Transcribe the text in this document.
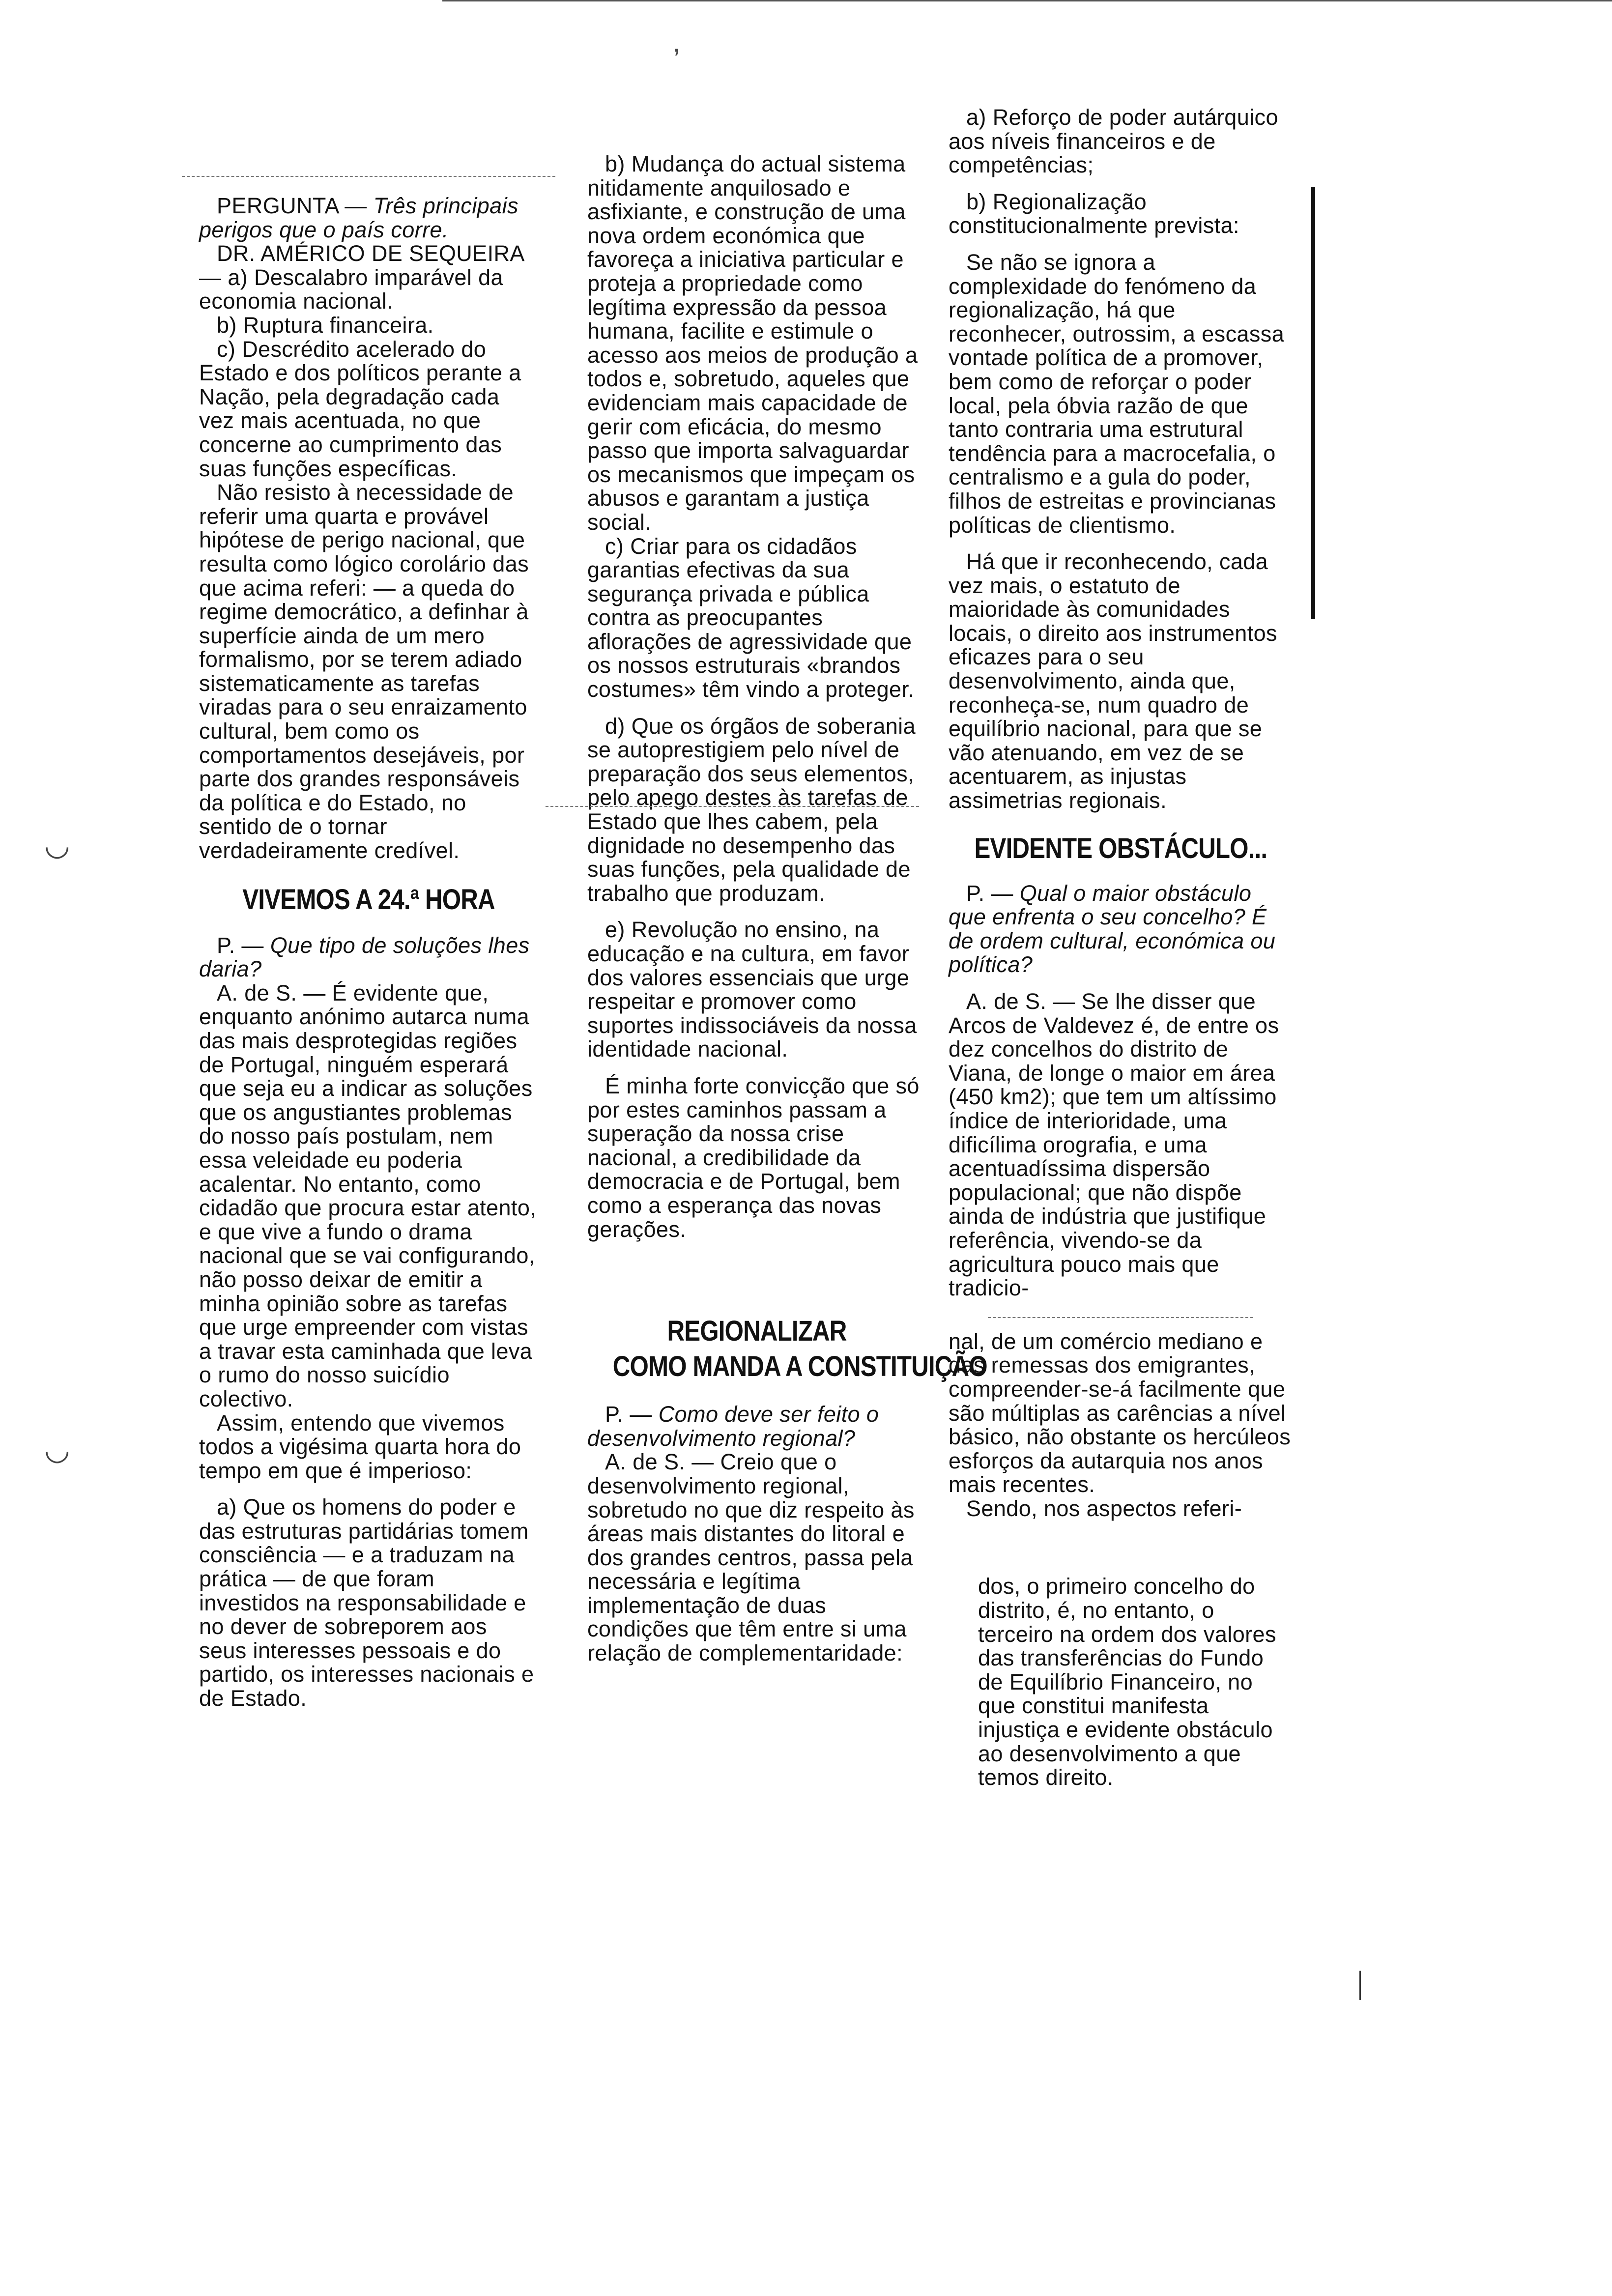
‚
◡
◡

PERGUNTA — Três principais perigos que o país corre.

DR. AMÉRICO DE SEQUEIRA — a) Descalabro imparável da economia nacional.

b) Ruptura financeira.

c) Descrédito acelerado do Estado e dos políticos perante a Nação, pela degradação cada vez mais acentuada, no que concerne ao cumprimento das suas funções específicas.

Não resisto à necessidade de referir uma quarta e provável hipótese de perigo nacional, que resulta como lógico corolário das que acima referi: — a queda do regime democrático, a definhar à superfície ainda de um mero formalismo, por se terem adiado sistematicamente as tarefas viradas para o seu enraizamento cultural, bem como os comportamentos desejáveis, por parte dos grandes responsáveis da política e do Estado, no sentido de o tornar verdadeiramente credível.

VIVEMOS A 24.ª HORA

P. — Que tipo de soluções lhes daria?

A. de S. — É evidente que, enquanto anónimo autarca numa das mais desprotegidas regiões de Portugal, ninguém esperará que seja eu a indicar as soluções que os angustiantes problemas do nosso país postulam, nem essa veleidade eu poderia acalentar. No entanto, como cidadão que procura estar atento, e que vive a fundo o drama nacional que se vai configurando, não posso deixar de emitir a minha opinião sobre as tarefas que urge empreender com vistas a travar esta caminhada que leva o rumo do nosso suicídio colectivo.

Assim, entendo que vivemos todos a vigésima quarta hora do tempo em que é imperioso:

a) Que os homens do poder e das estruturas partidárias tomem consciência — e a traduzam na prática — de que foram investidos na responsabilidade e no dever de sobreporem aos seus interesses pessoais e do partido, os interesses nacionais e de Estado.

b) Mudança do actual sistema nitidamente anquilosado e asfixiante, e construção de uma nova ordem económica que favoreça a iniciativa particular e proteja a propriedade como legítima expressão da pessoa humana, facilite e estimule o acesso aos meios de produção a todos e, sobretudo, aqueles que evidenciam mais capacidade de gerir com eficácia, do mesmo passo que importa salvaguardar os mecanismos que impeçam os abusos e garantam a justiça social.

c) Criar para os cidadãos garantias efectivas da sua segurança privada e pública contra as preocupantes aflorações de agressividade que os nossos estruturais «brandos costumes» têm vindo a proteger.

d) Que os órgãos de soberania se autoprestigiem pelo nível de preparação dos seus elementos, pelo apego destes às tarefas de Estado que lhes cabem, pela dignidade no desempenho das suas funções, pela qualidade de trabalho que produzam.

e) Revolução no ensino, na educação e na cultura, em favor dos valores essenciais que urge respeitar e promover como suportes indissociáveis da nossa identidade nacional.

É minha forte convicção que só por estes caminhos passam a superação da nossa crise nacional, a credibilidade da democracia e de Portugal, bem como a esperança das novas gerações.

REGIONALIZAR
COMO MANDA A CONSTITUIÇÃO

P. — Como deve ser feito o desenvolvimento regional?

A. de S. — Creio que o desenvolvimento regional, sobretudo no que diz respeito às áreas mais distantes do litoral e dos grandes centros, passa pela necessária e legítima implementação de duas condições que têm entre si uma relação de complementaridade:

a) Reforço de poder autárquico aos níveis financeiros e de competências;

b) Regionalização constitucionalmente prevista:

Se não se ignora a complexidade do fenómeno da regionalização, há que reconhecer, outrossim, a escassa vontade política de a promover, bem como de reforçar o poder local, pela óbvia razão de que tanto contraria uma estrutural tendência para a macrocefalia, o centralismo e a gula do poder, filhos de estreitas e provincianas políticas de clientismo.

Há que ir reconhecendo, cada vez mais, o estatuto de maioridade às comunidades locais, o direito aos instrumentos eficazes para o seu desenvolvimento, ainda que, reconheça-se, num quadro de equilíbrio nacional, para que se vão atenuando, em vez de se acentuarem, as injustas assimetrias regionais.

EVIDENTE OBSTÁCULO...

P. — Qual o maior obstáculo que enfrenta o seu concelho? É de ordem cultural, económica ou política?

A. de S. — Se lhe disser que Arcos de Valdevez é, de entre os dez concelhos do distrito de Viana, de longe o maior em área (450 km2); que tem um altíssimo índice de interioridade, uma dificílima orografia, e uma acentuadíssima dispersão populacional; que não dispõe ainda de indústria que justifique referência, vivendo-se da agricultura pouco mais que tradicio-

nal, de um comércio mediano e das remessas dos emigrantes, compreender-se-á facilmente que são múltiplas as carências a nível básico, não obstante os hercúleos esforços da autarquia nos anos mais recentes.

Sendo, nos aspectos referi-

dos, o primeiro concelho do distrito, é, no entanto, o terceiro na ordem dos valores das transferências do Fundo de Equilíbrio Financeiro, no que constitui manifesta injustiça e evidente obstáculo ao desenvolvimento a que temos direito.
